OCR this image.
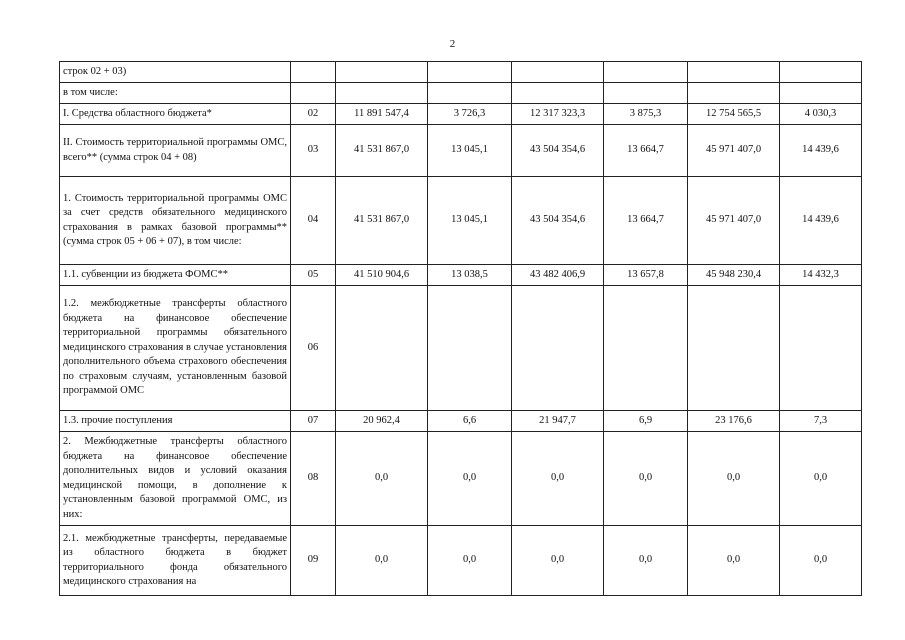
2
строк 02 + 03)							
в том числе:							
I. Средства областного бюджета*	02	11 891 547,4	3 726,3	12 317 323,3	3 875,3	12 754 565,5	4 030,3
II. Стоимость территориальной программы ОМС, всего** (сумма строк 04 + 08)	03	41 531 867,0	13 045,1	43 504 354,6	13 664,7	45 971 407,0	14 439,6
1. Стоимость территориальной программы ОМС за счет средств обязательного медицинского страхования в рамках базовой программы** (сумма строк 05 + 06 + 07), в том числе:	04	41 531 867,0	13 045,1	43 504 354,6	13 664,7	45 971 407,0	14 439,6
1.1. субвенции из бюджета ФОМС**	05	41 510 904,6	13 038,5	43 482 406,9	13 657,8	45 948 230,4	14 432,3
1.2. межбюджетные трансферты областного бюджета на финансовое обеспечение территориальной программы обязательного медицинского страхования в случае установления дополнительного объема страхового обеспечения по страховым случаям, установленным базовой программой ОМС	06						
1.3. прочие поступления	07	20 962,4	6,6	21 947,7	6,9	23 176,6	7,3
2. Межбюджетные трансферты областного бюджета на финансовое обеспечение дополнительных видов и условий оказания медицинской помощи, в дополнение к установленным базовой программой ОМС, из них:	08	0,0	0,0	0,0	0,0	0,0	0,0
2.1. межбюджетные трансферты, передаваемые из областного бюджета в бюджет территориального фонда обязательного медицинского страхования на	09	0,0	0,0	0,0	0,0	0,0	0,0
